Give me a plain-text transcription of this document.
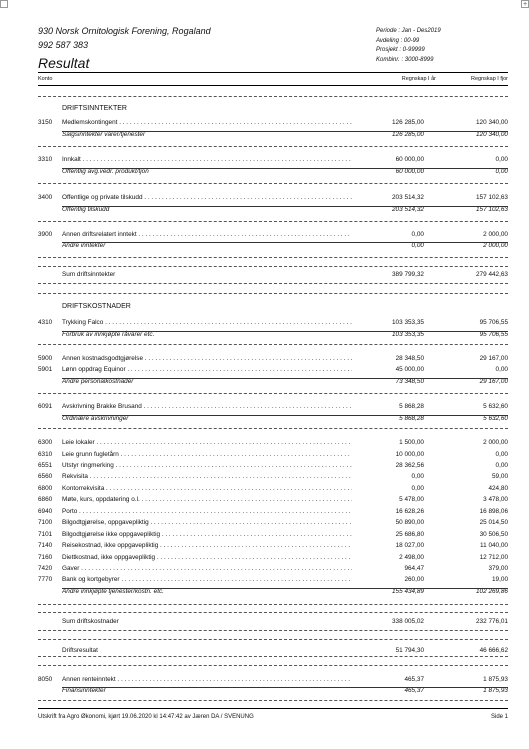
+
930 Norsk Ornitologisk Forening, Rogaland
992 587 383
Resultat
Periode : Jan - Des2019
Avdeling : 00-99
Prosjekt : 0-99999
Kombinr. : 3000-8999
Konto	Regnskap I år	Regnskap I fjor
DRIFTSINNTEKTER
3150	Medlemskontingent . . .	126 285,00	120 340,00
Salgsinntekter varer/tjenester	126 285,00	120 340,00
3310	Innkalt . . .	60 000,00	0,00
Offentlig avg.vedr. produkt/tjon	60 000,00	0,00
3400	Offentlige og private tilskudd . . .	203 514,32	157 102,63
Offentlig tilskudd	203 514,32	157 102,63
3900	Annen driftsrelatert inntekt . . .	0,00	2 000,00
Andre inntekter	0,00	2 000,00
Sum driftsinntekter	389 799,32	279 442,63
DRIFTSKOSTNADER
4310	Trykking Falco . . .	103 353,35	95 706,55
Forbruk av innkjøpte råvarer etc.	103 353,35	95 706,55
5900	Annen kostnadsgodtgjørelse . . .	28 348,50	29 167,00
5901	Lønn oppdrag Equinor . . .	45 000,00	0,00
Andre personalkostnader	73 348,50	29 167,00
6091	Avskrivning Brakke Brusand . . .	5 868,28	5 632,60
Ordinære avskrivninger	5 868,28	5 632,60
6300	Leie lokaler . . .	1 500,00	2 000,00
6310	Leie grunn fugletårn . . .	10 000,00	0,00
6551	Utstyr ringmerking . . .	28 362,56	0,00
6560	Rekvisita . . .	0,00	59,00
6800	Kontorrekvisita . . .	0,00	424,80
6860	Møte, kurs, oppdatering o.l. . . .	5 478,00	3 478,00
6940	Porto . . .	16 628,26	16 898,06
7100	Bilgodtgjørelse, oppgavepliktig . . .	50 890,00	25 014,50
7101	Bilgodtgjørelse ikke oppgavepliktig . . .	25 686,80	30 506,50
7140	Reisekostnad, ikke oppgavepliktig . . .	18 027,00	11 040,00
7160	Diettkostnad, ikke oppgavepliktig . . .	2 498,00	12 712,00
7420	Gaver . . .	964,47	379,00
7770	Bank og kortgebyrer . . .	260,00	19,00
Andre innkjøpte tjenester/kostn. etc.	155 434,89	102 269,86
Sum driftskostnader	338 005,02	232 776,01
Driftsresultat	51 794,30	46 666,62
8050	Annen renteinntekt . . .	465,37	1 875,93
Finansinntekter	465,37	1 875,93
Utskrift fra Agro Økonomi, kjørt 19.06.2020 kl 14:47:42 av Jæren DA / SVENUNG	Side 1
